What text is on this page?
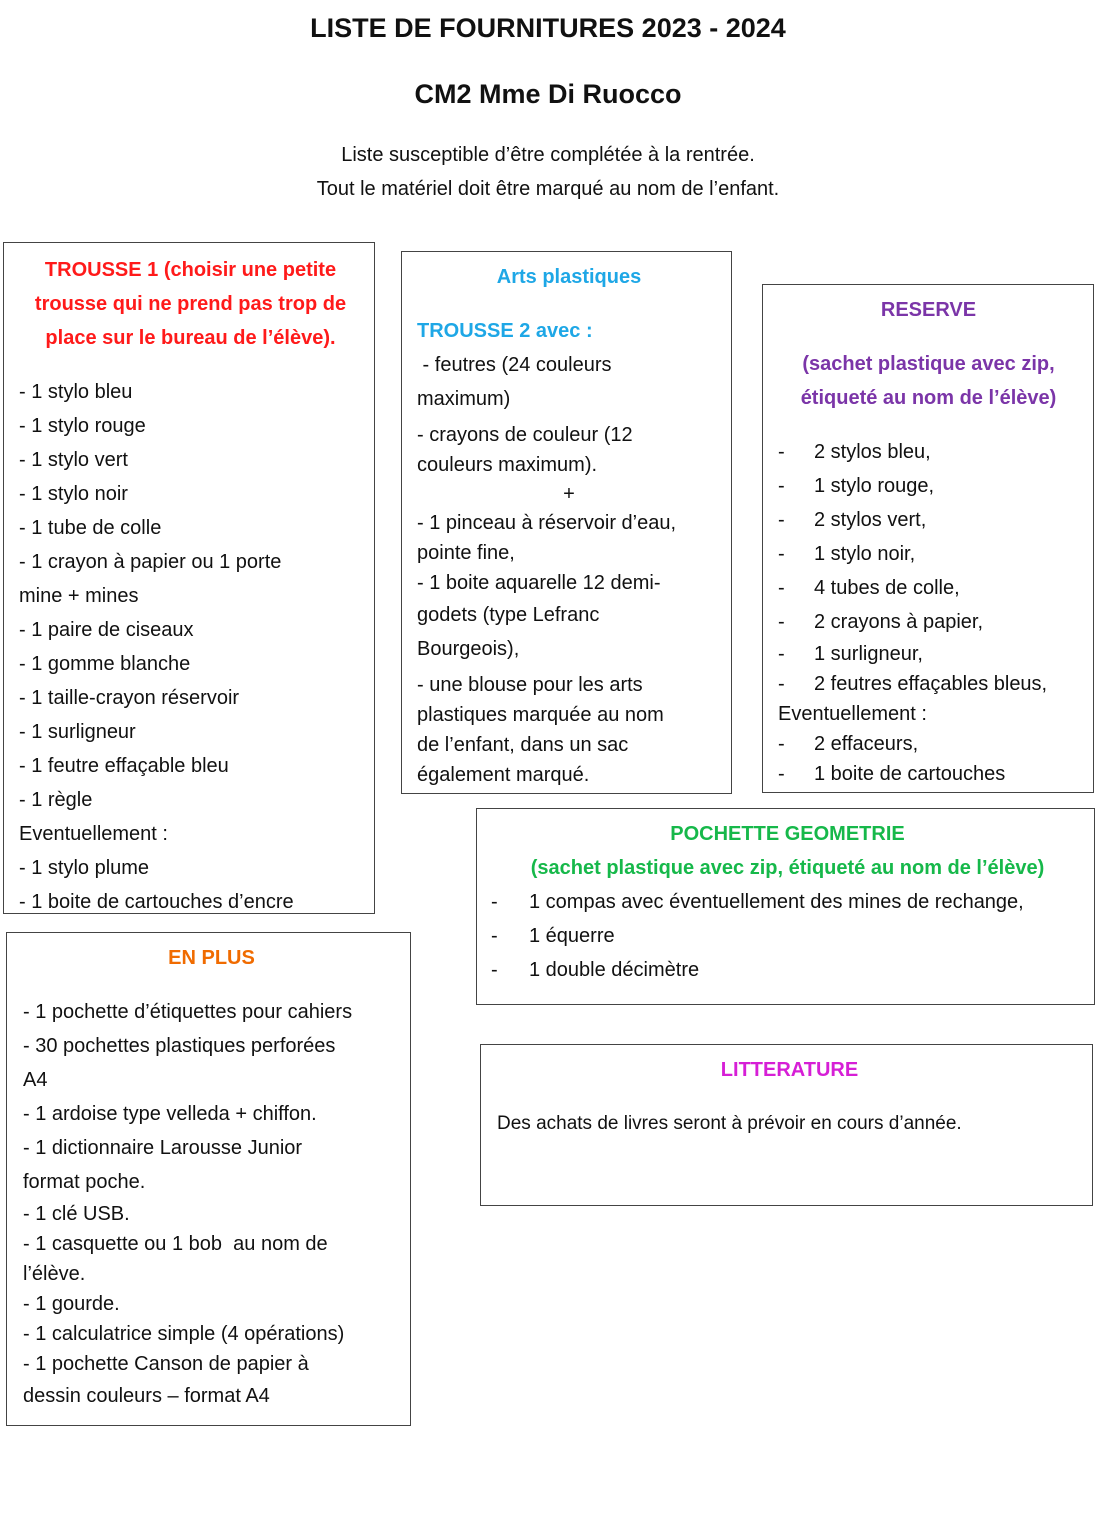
LISTE DE FOURNITURES 2023 - 2024
CM2 Mme Di Ruocco

Liste susceptible d’être complétée à la rentrée.

Tout le matériel doit être marqué au nom de l’enfant.

TROUSSE 1 (choisir une petite
trousse qui ne prend pas trop de
place sur le bureau de l’élève).
- 1 stylo bleu
- 1 stylo rouge
- 1 stylo vert
- 1 stylo noir
- 1 tube de colle
- 1 crayon à papier ou 1 porte
mine + mines
- 1 paire de ciseaux
- 1 gomme blanche
- 1 taille-crayon réservoir
- 1 surligneur
- 1 feutre effaçable bleu
- 1 règle
Eventuellement :
- 1 stylo plume
- 1 boite de cartouches d’encre
Arts plastiques
TROUSSE 2 avec :
- feutres (24 couleurs
maximum)
- crayons de couleur (12
couleurs maximum).
+
- 1 pinceau à réservoir d’eau,
pointe fine,
- 1 boite aquarelle 12 demi-
godets (type Lefranc
Bourgeois),
- une blouse pour les arts
plastiques marquée au nom
de l’enfant, dans un sac
également marqué.
RESERVE
(sachet plastique avec zip,
étiqueté au nom de l’élève)
-	2 stylos bleu,
-	1 stylo rouge,
-	2 stylos vert,
-	1 stylo noir,
-	4 tubes de colle,
-	2 crayons à papier,
-	1 surligneur,
-	2 feutres effaçables bleus,
Eventuellement :
-	2 effaceurs,
-	1 boite de cartouches
POCHETTE GEOMETRIE
(sachet plastique avec zip, étiqueté au nom de l’élève)
-	1 compas avec éventuellement des mines de rechange,
-	1 équerre
-	1 double décimètre
EN PLUS
- 1 pochette d’étiquettes pour cahiers
- 30 pochettes plastiques perforées
A4
- 1 ardoise type velleda + chiffon.
- 1 dictionnaire Larousse Junior
format poche.
- 1 clé USB.
- 1 casquette ou 1 bob  au nom de
l’élève.
- 1 gourde.
- 1 calculatrice simple (4 opérations)
- 1 pochette Canson de papier à
dessin couleurs – format A4
LITTERATURE
Des achats de livres seront à prévoir en cours d’année.
